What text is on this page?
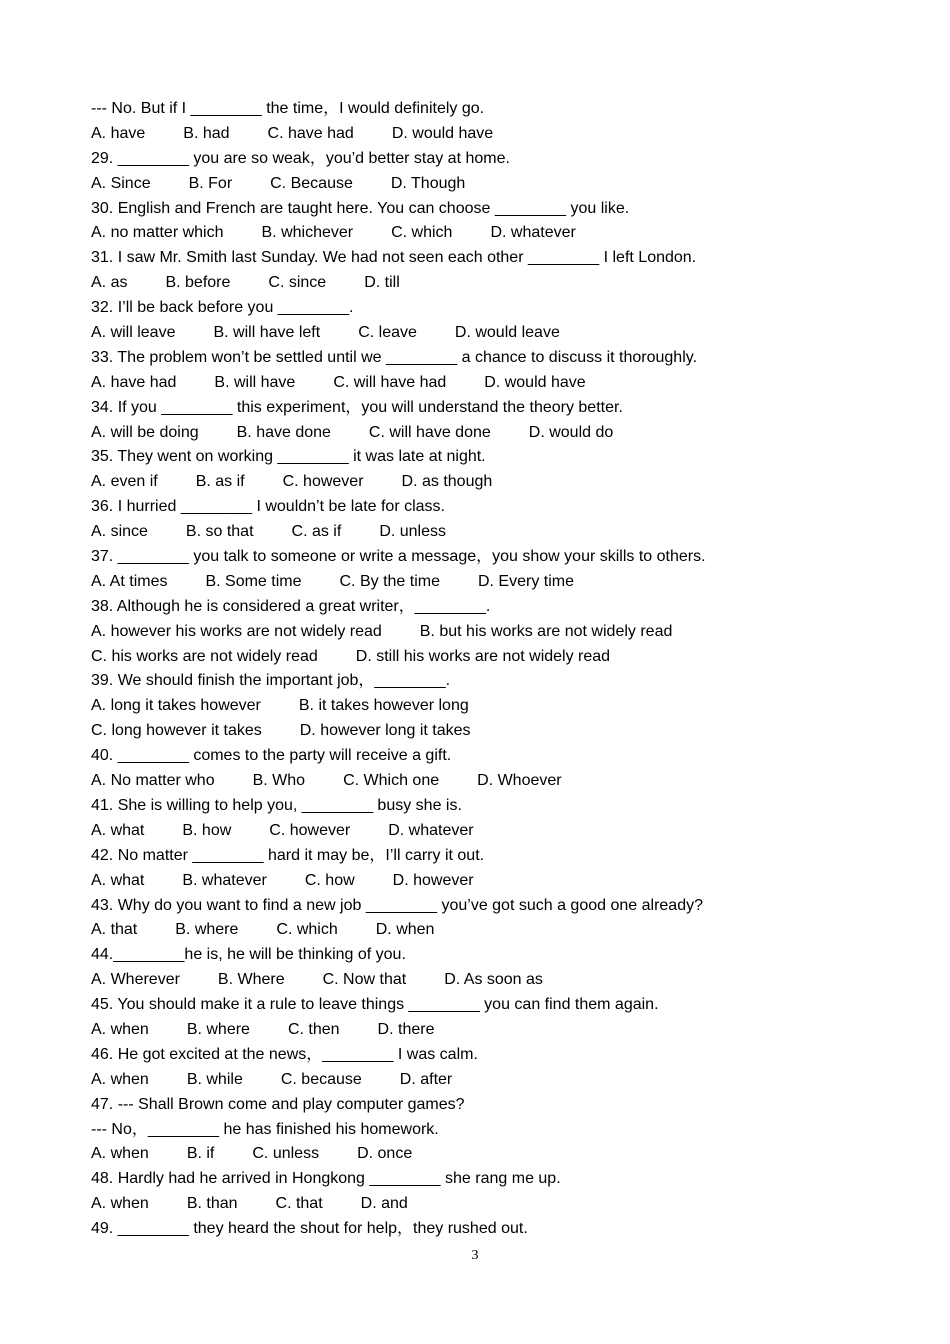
--- No. But if I ________ the time，I would definitely go.
A. have B. had C. have had D. would have
29. ________ you are so weak，you’d better stay at home.
A. Since B. For C. Because D. Though
30. English and French are taught here. You can choose ________ you like.
A. no matter which B. whichever C. which D. whatever
31. I saw Mr. Smith last Sunday. We had not seen each other ________ I left London.
A. as B. before C. since D. till
32. I’ll be back before you ________.
A. will leave B. will have left C. leave D. would leave
33. The problem won’t be settled until we ________ a chance to discuss it thoroughly.
A. have had B. will have C. will have had D. would have
34. If you ________ this experiment，you will understand the theory better.
A. will be doing B. have done C. will have done D. would do
35. They went on working ________ it was late at night.
A. even if B. as if C. however D. as though
36. I hurried ________ I wouldn’t be late for class.
A. since B. so that C. as if D. unless
37. ________ you talk to someone or write a message，you show your skills to others.
A. At times B. Some time C. By the time D. Every time
38. Although he is considered a great writer，________.
A. however his works are not widely read B. but his works are not widely read
C. his works are not widely read D. still his works are not widely read
39. We should finish the important job，________.
A. long it takes however B. it takes however long
C. long however it takes D. however long it takes
40. ________ comes to the party will receive a gift.
A. No matter who B. Who C. Which one D. Whoever
41. She is willing to help you, ________ busy she is.
A. what B. how C. however D. whatever
42. No matter ________ hard it may be，I’ll carry it out.
A. what B. whatever C. how D. however
43. Why do you want to find a new job ________ you’ve got such a good one already?
A. that B. where C. which D. when
44.________he is, he will be thinking of you.
A. Wherever B. Where C. Now that D. As soon as
45. You should make it a rule to leave things ________ you can find them again.
A. when B. where C. then D. there
46. He got excited at the news，________ I was calm.
A. when B. while C. because D. after
47. --- Shall Brown come and play computer games?
--- No，________ he has finished his homework.
A. when B. if C. unless D. once
48. Hardly had he arrived in Hongkong ________ she rang me up.
A. when B. than C. that D. and
49. ________ they heard the shout for help，they rushed out.
3
